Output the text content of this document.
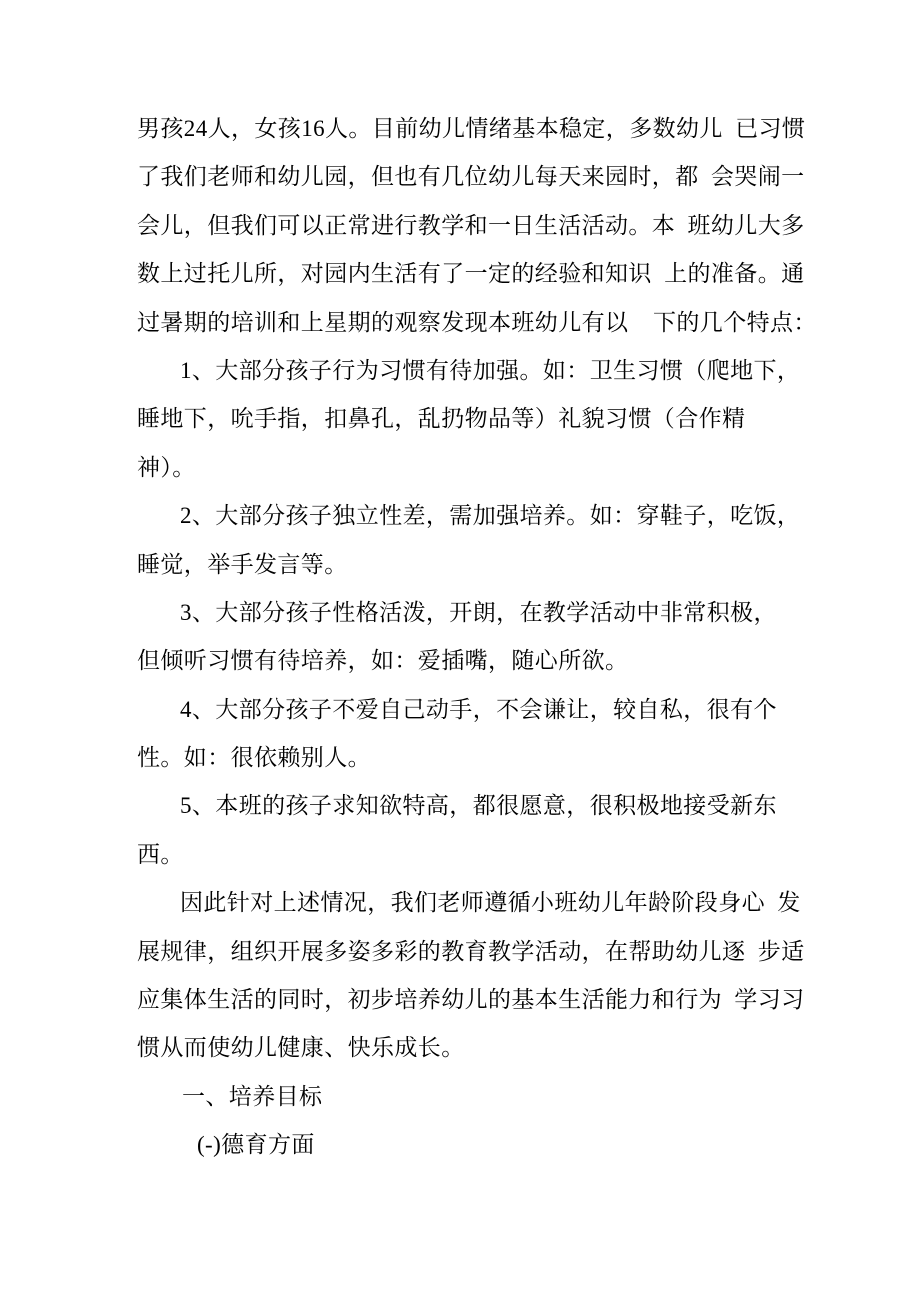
男孩24人，女孩16人。目前幼儿情绪基本稳定，多数幼儿  已习惯
了我们老师和幼儿园，但也有几位幼儿每天来园时，都  会哭闹一
会儿，但我们可以正常进行教学和一日生活活动。本  班幼儿大多
数上过托儿所，对园内生活有了一定的经验和知识  上的准备。通
过暑期的培训和上星期的观察发现本班幼儿有以    下的几个特点：
1、大部分孩子行为习惯有待加强。如：卫生习惯（爬地下，
睡地下，吮手指，扣鼻孔，乱扔物品等）礼貌习惯（合作精
神）。
2、大部分孩子独立性差，需加强培养。如：穿鞋子，吃饭，
睡觉，举手发言等。
3、大部分孩子性格活泼，开朗，在教学活动中非常积极，
但倾听习惯有待培养，如：爱插嘴，随心所欲。
4、大部分孩子不爱自己动手，不会谦让，较自私，很有个
性。如：很依赖别人。
5、本班的孩子求知欲特高，都很愿意，很积极地接受新东
西。
因此针对上述情况，我们老师遵循小班幼儿年龄阶段身心  发
展规律，组织开展多姿多彩的教育教学活动，在帮助幼儿逐  步适
应集体生活的同时，初步培养幼儿的基本生活能力和行为  学习习
惯从而使幼儿健康、快乐成长。
一、培养目标
(-)德育方面
